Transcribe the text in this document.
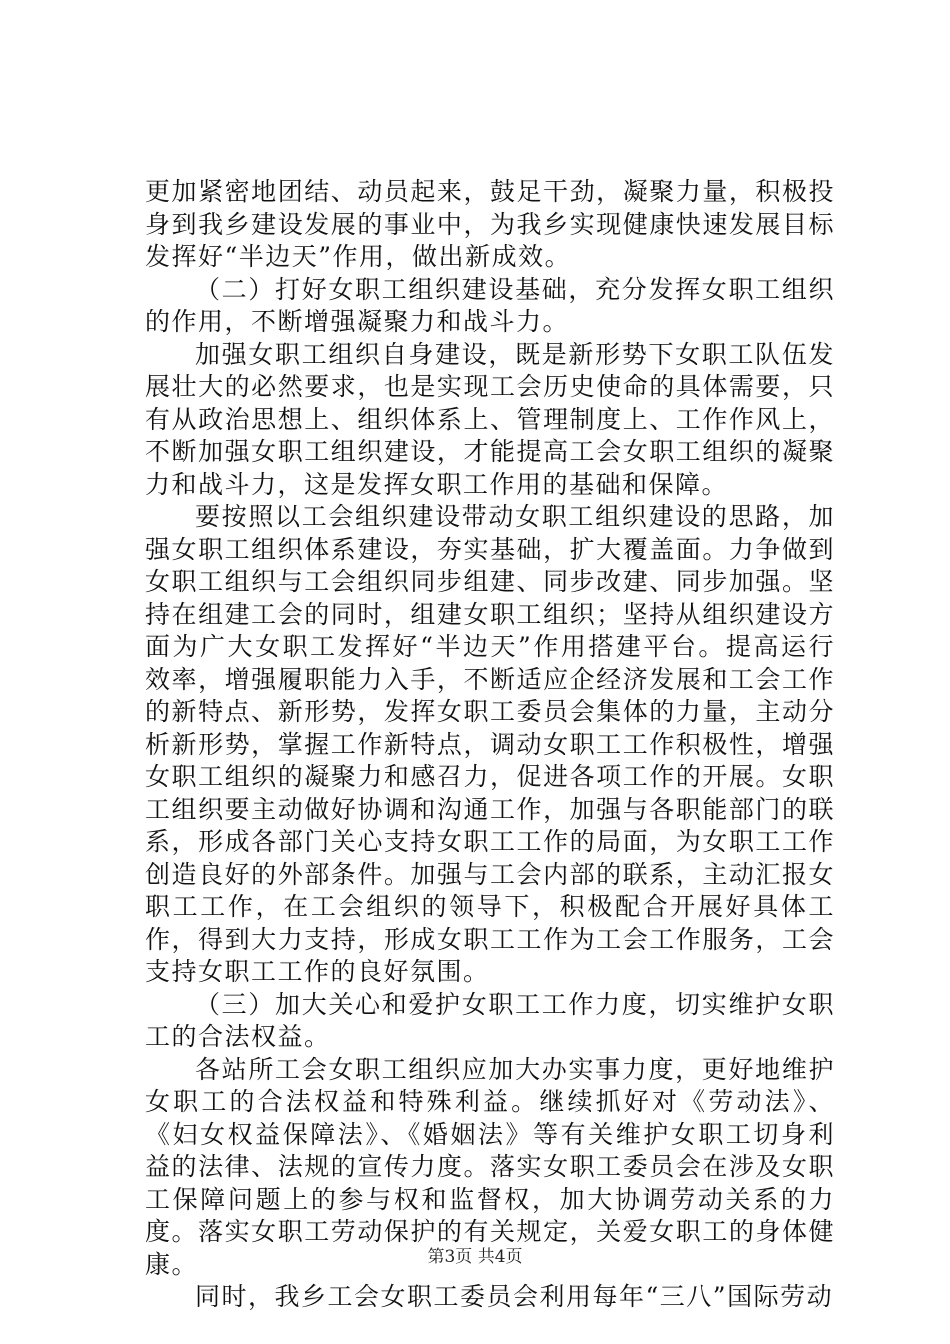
更加紧密地团结、动员起来，鼓足干劲，凝聚力量，积极投身到我乡建设发展的事业中，为我乡实现健康快速发展目标发挥好“半边天”作用，做出新成效。

（二）打好女职工组织建设基础，充分发挥女职工组织的作用，不断增强凝聚力和战斗力。

加强女职工组织自身建设，既是新形势下女职工队伍发展壮大的必然要求，也是实现工会历史使命的具体需要，只有从政治思想上、组织体系上、管理制度上、工作作风上，不断加强女职工组织建设，才能提高工会女职工组织的凝聚力和战斗力，这是发挥女职工作用的基础和保障。

要按照以工会组织建设带动女职工组织建设的思路，加强女职工组织体系建设，夯实基础，扩大覆盖面。力争做到女职工组织与工会组织同步组建、同步改建、同步加强。坚持在组建工会的同时，组建女职工组织；坚持从组织建设方面为广大女职工发挥好“半边天”作用搭建平台。提高运行效率，增强履职能力入手，不断适应企经济发展和工会工作的新特点、新形势，发挥女职工委员会集体的力量，主动分析新形势，掌握工作新特点，调动女职工工作积极性，增强女职工组织的凝聚力和感召力，促进各项工作的开展。女职工组织要主动做好协调和沟通工作，加强与各职能部门的联系，形成各部门关心支持女职工工作的局面，为女职工工作创造良好的外部条件。加强与工会内部的联系，主动汇报女职工工作，在工会组织的领导下，积极配合开展好具体工作，得到大力支持，形成女职工工作为工会工作服务，工会支持女职工工作的良好氛围。

（三）加大关心和爱护女职工工作力度，切实维护女职工的合法权益。

各站所工会女职工组织应加大办实事力度，更好地维护女职工的合法权益和特殊利益。继续抓好对《劳动法》、《妇女权益保障法》、《婚姻法》等有关维护女职工切身利益的法律、法规的宣传力度。落实女职工委员会在涉及女职工保障问题上的参与权和监督权，加大协调劳动关系的力度。落实女职工劳动保护的有关规定，关爱女职工的身体健康。

同时，我乡工会女职工委员会利用每年“三八”国际劳动

第3页 共4页
